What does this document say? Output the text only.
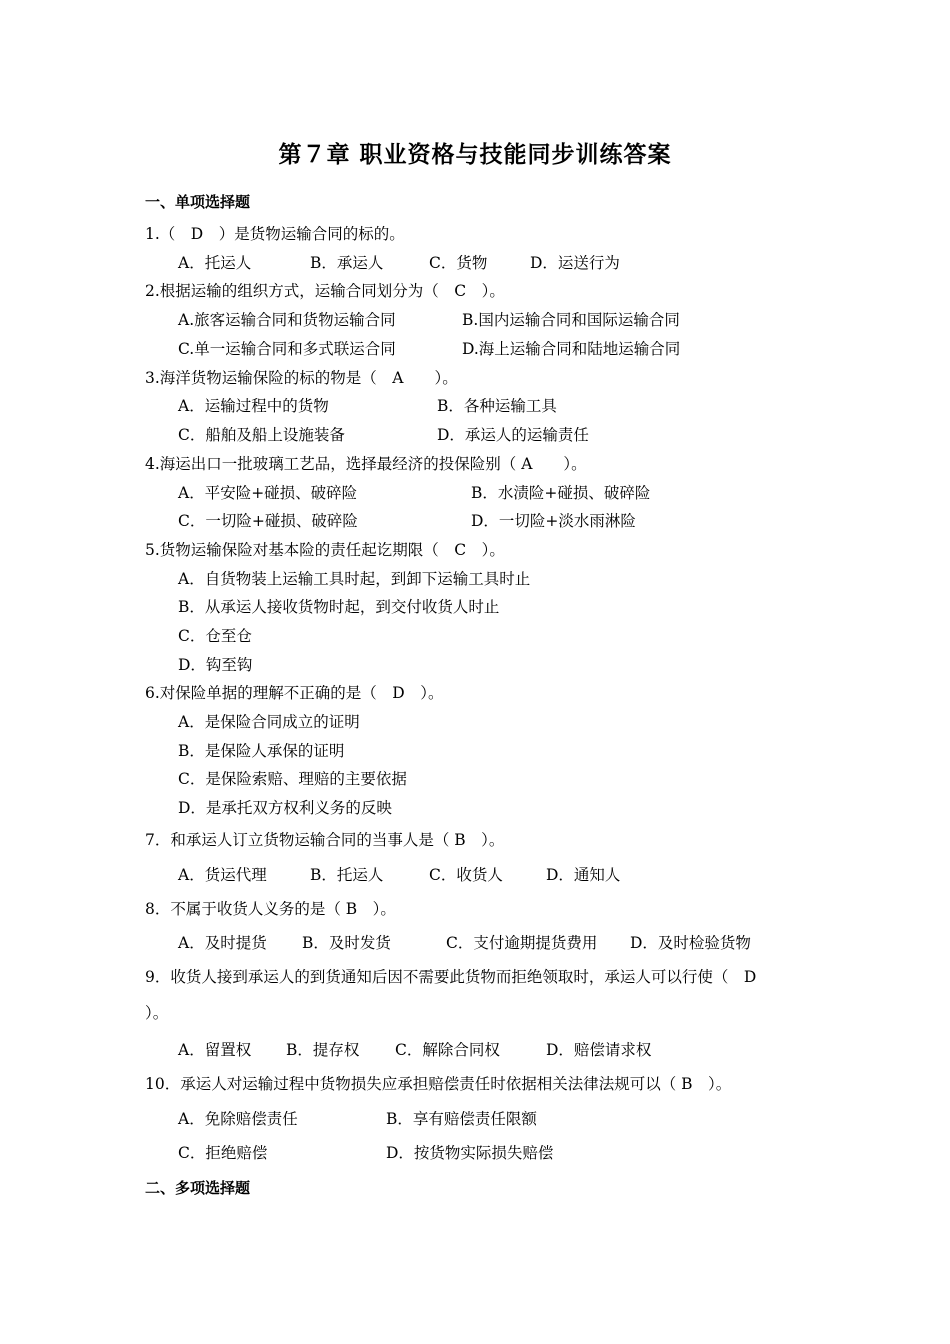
第７章 职业资格与技能同步训练答案
一、单项选择题
1.（　D　）是货物运输合同的标的。
A．托运人	B．承运人	C．货物	D．运送行为
2.根据运输的组织方式，运输合同划分为（　C　）。
A.旅客运输合同和货物运输合同	B.国内运输合同和国际运输合同
C.单一运输合同和多式联运合同	D.海上运输合同和陆地运输合同
3.海洋货物运输保险的标的物是（　A　　）。
A．运输过程中的货物	B．各种运输工具
C．船舶及船上设施装备	D．承运人的运输责任
4.海运出口一批玻璃工艺品，选择最经济的投保险别（ A　　）。
A．平安险+碰损、破碎险	B．水渍险+碰损、破碎险
C．一切险+碰损、破碎险	D．一切险+淡水雨淋险
5.货物运输保险对基本险的责任起讫期限（　C　）。
A．自货物装上运输工具时起，到卸下运输工具时止
B．从承运人接收货物时起，到交付收货人时止
C．仓至仓
D．钩至钩
6.对保险单据的理解不正确的是（　D　）。
A．是保险合同成立的证明
B．是保险人承保的证明
C．是保险索赔、理赔的主要依据
D．是承托双方权利义务的反映
7．和承运人订立货物运输合同的当事人是（ B　）。
A．货运代理	B．托运人	C．收货人	D．通知人
8．不属于收货人义务的是（ B　）。
A．及时提货 B．及时发货	C．支付逾期提货费用 D．及时检验货物
9．收货人接到承运人的到货通知后因不需要此货物而拒绝领取时，承运人可以行使（　D
）。
A．留置权 B．提存权 C．解除合同权	D．赔偿请求权
10．承运人对运输过程中货物损失应承担赔偿责任时依据相关法律法规可以（ B　）。
A．免除赔偿责任	B．享有赔偿责任限额
C．拒绝赔偿	D．按货物实际损失赔偿
二、多项选择题
